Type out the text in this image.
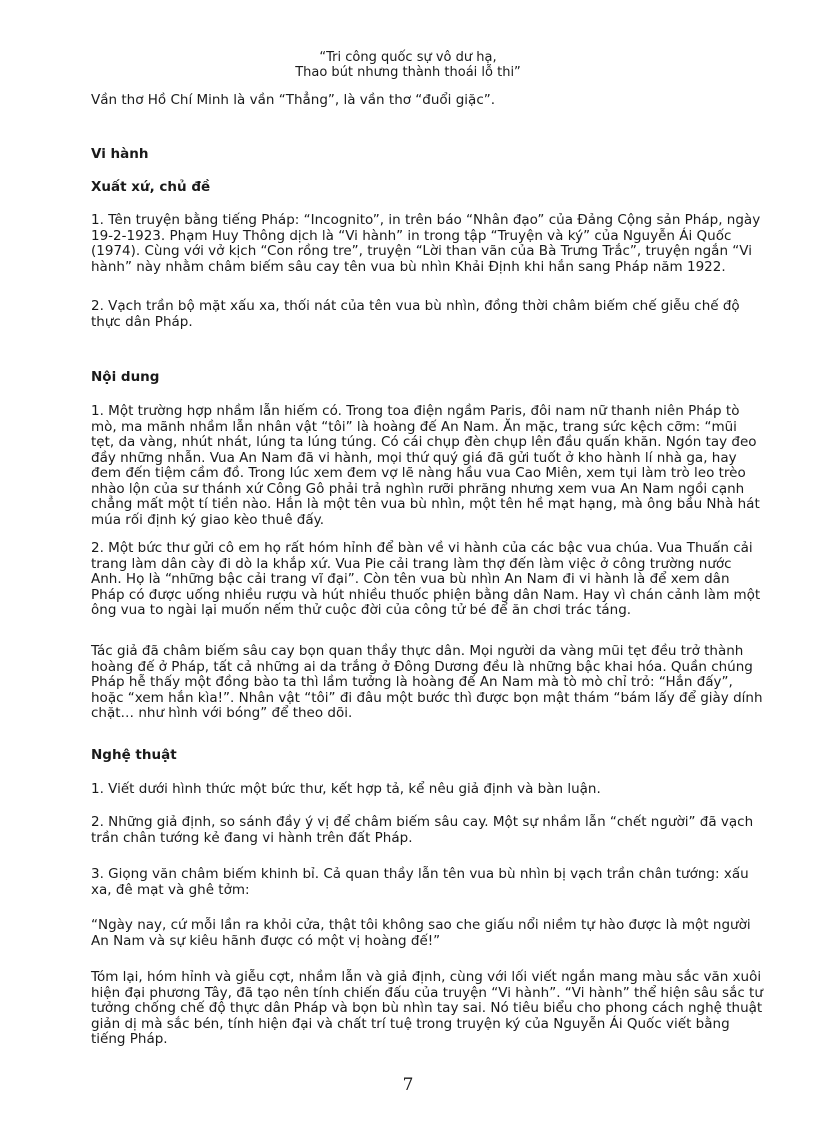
“Tri công quốc sự vô dư hạ,
Thao bút nhưng thành thoái lỗ thi”

Vần thơ Hồ Chí Minh là vần “Thẳng”, là vần thơ “đuổi giặc”.

Vi hành

Xuất xứ, chủ đề

1. Tên truyện bằng tiếng Pháp: “Incognito”, in trên báo “Nhân đạo” của Đảng Cộng sản Pháp, ngày 19-2-1923. Phạm Huy Thông dịch là “Vi hành” in trong tập “Truyện và ký” của Nguyễn Ái Quốc (1974). Cùng với vở kịch “Con rồng tre”, truyện “Lời than vãn của Bà Trưng Trắc”, truyện ngắn “Vi hành” này nhằm châm biếm sâu cay tên vua bù nhìn Khải Định khi hắn sang Pháp năm 1922.

2. Vạch trần bộ mặt xấu xa, thối nát của tên vua bù nhìn, đồng thời châm biếm chế giễu chế độ thực dân Pháp.

Nội dung

1. Một trường hợp nhầm lẫn hiếm có. Trong toa điện ngầm Paris, đôi nam nữ thanh niên Pháp tò mò, ma mãnh nhầm lẫn nhân vật “tôi” là hoàng đế An Nam. Ăn mặc, trang sức kệch cỡm: “mũi tẹt, da vàng, nhút nhát, lúng ta lúng túng. Có cái chụp đèn chụp lên đầu quấn khăn. Ngón tay đeo đầy những nhẫn. Vua An Nam đã vi hành, mọi thứ quý giá đã gửi tuốt ở kho hành lí nhà ga, hay đem đến tiệm cầm đồ. Trong lúc xem đem vợ lẽ nàng hầu vua Cao Miên, xem tụi làm trò leo trèo nhào lộn của sư thánh xứ Công Gô phải trả nghìn rưỡi phrăng nhưng xem vua An Nam ngồi cạnh chẳng mất một tí tiền nào. Hắn là một tên vua bù nhìn, một tên hề mạt hạng, mà ông bầu Nhà hát múa rối định ký giao kèo thuê đấy.

2. Một bức thư gửi cô em họ rất hóm hỉnh để bàn về vi hành của các bậc vua chúa. Vua Thuấn cải trang làm dân cày đi dò la khắp xứ. Vua Pie cải trang làm thợ đến làm việc ở công trường nước Anh. Họ là “những bậc cải trang vĩ đại”. Còn tên vua bù nhìn An Nam đi vi hành là để xem dân Pháp có được uống nhiều rượu và hút nhiều thuốc phiện bằng dân Nam. Hay vì chán cảnh làm một ông vua to ngài lại muốn nếm thử cuộc đời của công tử bé để ăn chơi trác táng.

Tác giả đã châm biếm sâu cay bọn quan thầy thực dân. Mọi người da vàng mũi tẹt đều trở thành hoàng đế ở Pháp, tất cả những ai da trắng ở Đông Dương đều là những bậc khai hóa. Quần chúng Pháp hễ thấy một đồng bào ta thì lầm tưởng là hoàng đế An Nam mà tò mò chỉ trỏ: “Hắn đấy”, hoặc “xem hắn kìa!”. Nhân vật “tôi” đi đâu một bước thì được bọn mật thám “bám lấy để giày dính chặt… như hình với bóng” để theo dõi.

Nghệ thuật

1. Viết dưới hình thức một bức thư, kết hợp tả, kể nêu giả định và bàn luận.

2. Những giả định, so sánh đầy ý vị để châm biếm sâu cay. Một sự nhầm lẫn “chết người” đã vạch trần chân tướng kẻ đang vi hành trên đất Pháp.

3. Giọng văn châm biếm khinh bỉ. Cả quan thầy lẫn tên vua bù nhìn bị vạch trần chân tướng: xấu xa, đê mạt và ghê tởm:

“Ngày nay, cứ mỗi lần ra khỏi cửa, thật tôi không sao che giấu nổi niềm tự hào được là một người An Nam và sự kiêu hãnh được có một vị hoàng đế!”

Tóm lại, hóm hỉnh và giễu cợt, nhầm lẫn và giả định, cùng với lối viết ngắn mang màu sắc văn xuôi hiện đại phương Tây, đã tạo nên tính chiến đấu của truyện “Vi hành”. “Vi hành” thể hiện sâu sắc tư tưởng chống chế độ thực dân Pháp và bọn bù nhìn tay sai. Nó tiêu biểu cho phong cách nghệ thuật giản dị mà sắc bén, tính hiện đại và chất trí tuệ trong truyện ký của Nguyễn Ái Quốc viết bằng tiếng Pháp.

7
